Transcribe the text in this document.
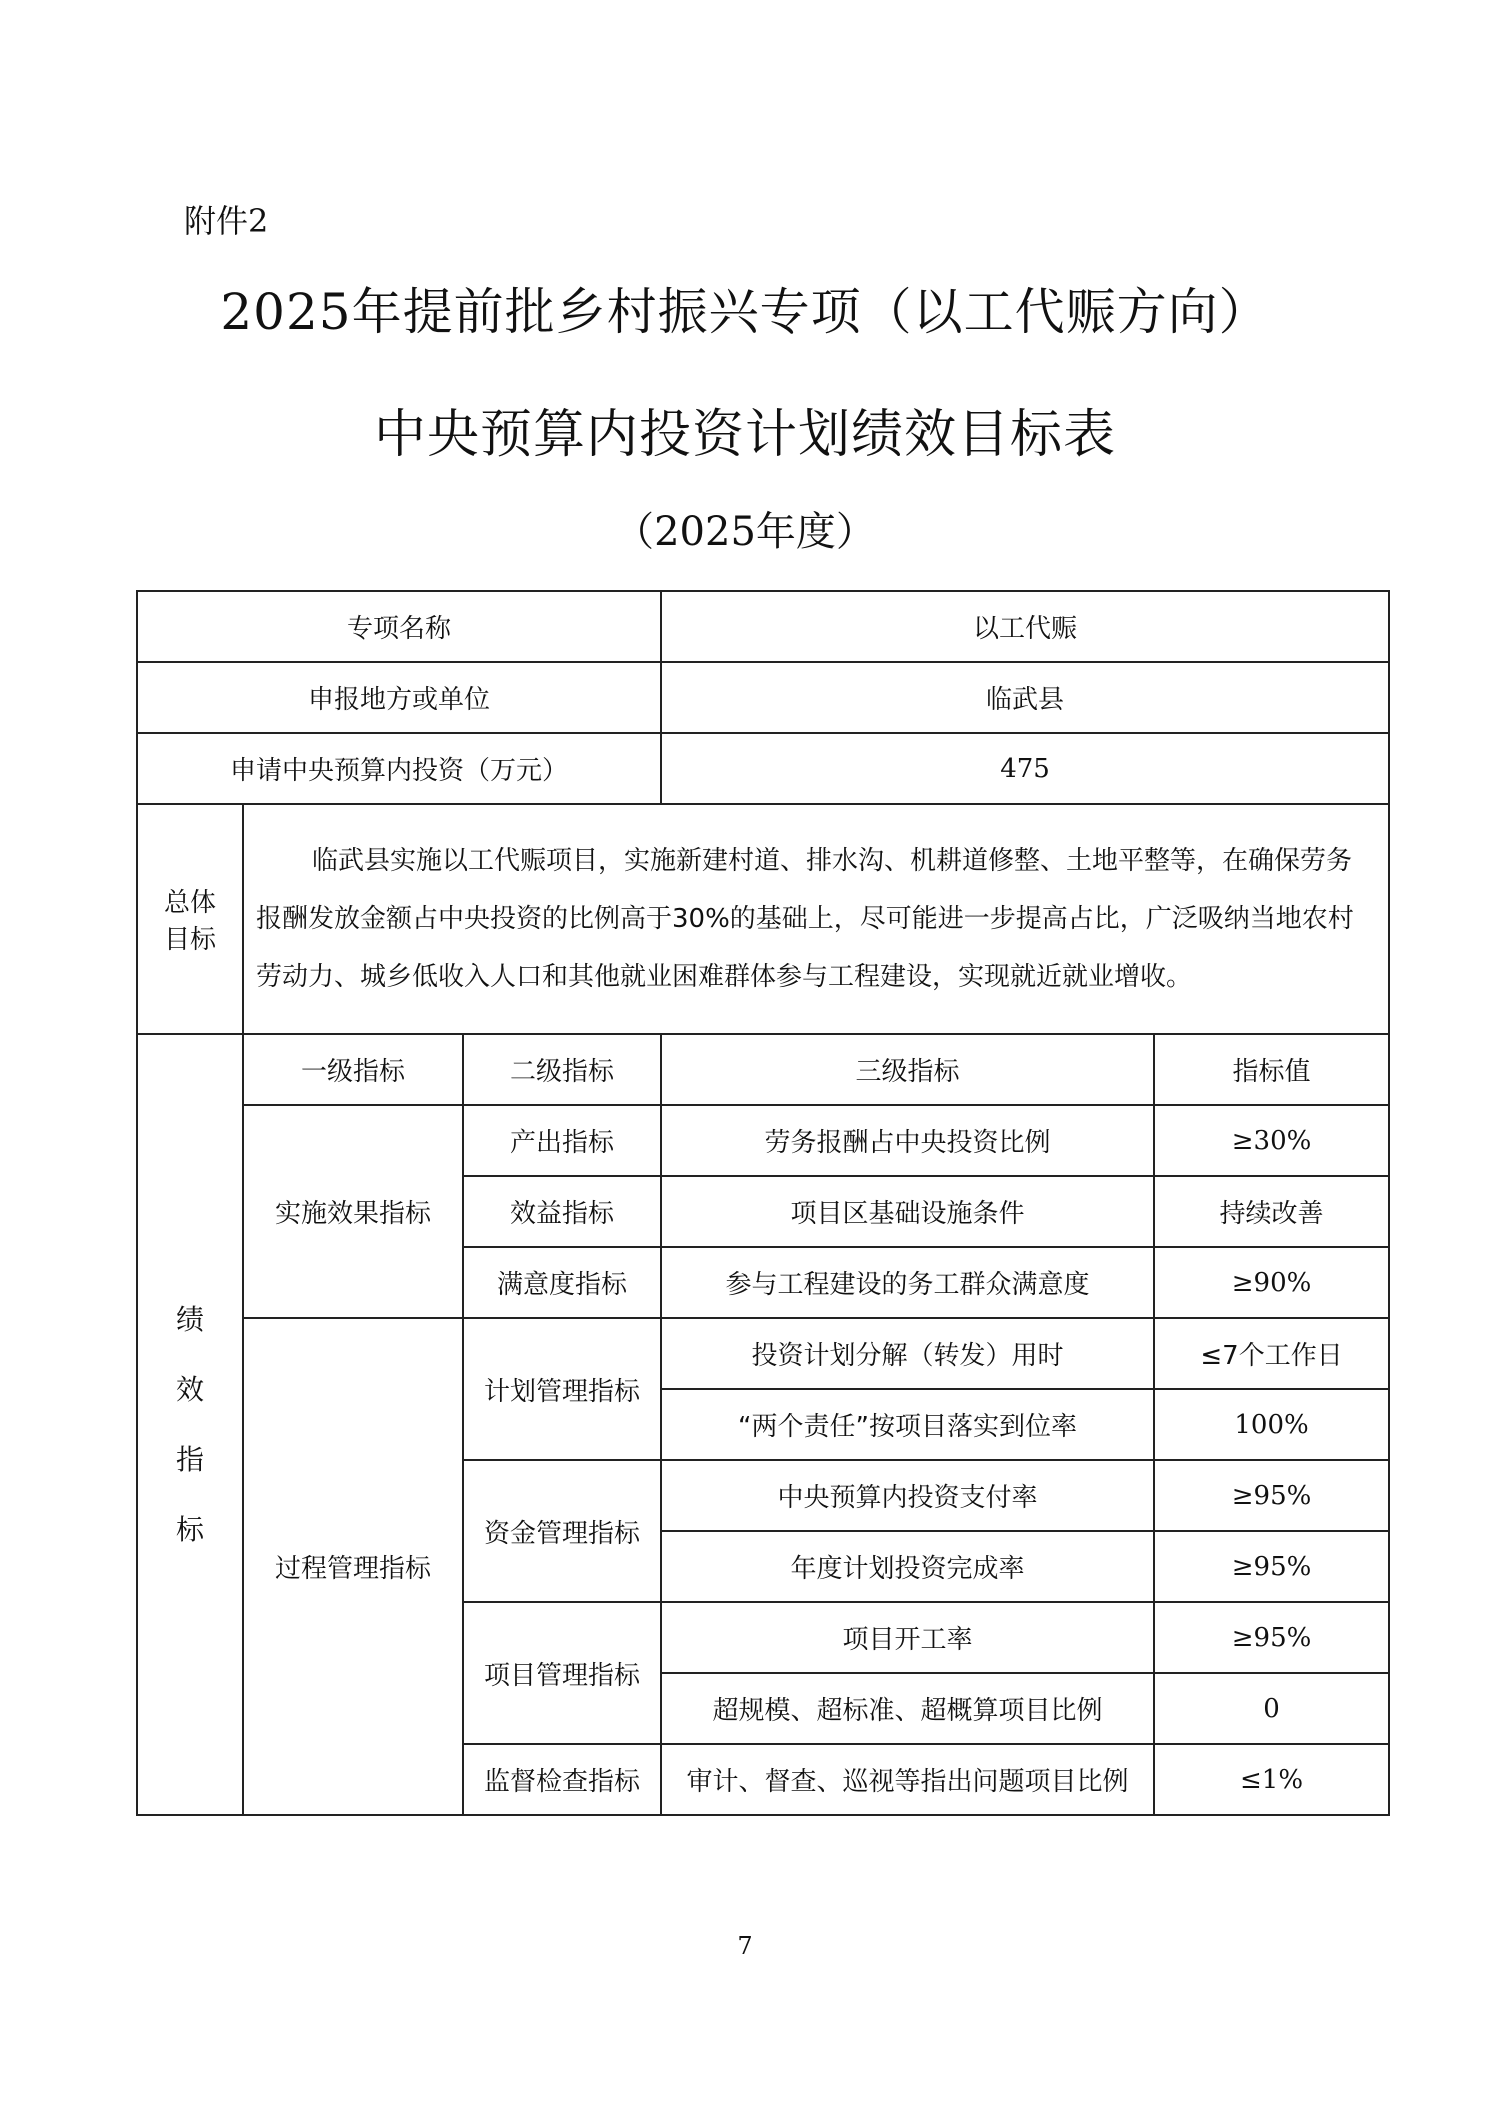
附件2
2025年提前批乡村振兴专项（以工代赈方向）
中央预算内投资计划绩效目标表
（2025年度）
专项名称			以工代赈	
申报地方或单位			临武县	
申请中央预算内投资（万元）			475	
总体目标	临武县实施以工代赈项目，实施新建村道、排水沟、机耕道修整、土地平整等，在确保劳务报酬发放金额占中央投资的比例高于30%的基础上，尽可能进一步提高占比，广泛吸纳当地农村劳动力、城乡低收入人口和其他就业困难群体参与工程建设，实现就近就业增收。			
绩效指标	一级指标	二级指标	三级指标	指标值
	实施效果指标	产出指标	劳务报酬占中央投资比例	≥30%
		效益指标	项目区基础设施条件	持续改善
		满意度指标	参与工程建设的务工群众满意度	≥90%
	过程管理指标	计划管理指标	投资计划分解（转发）用时	≤7个工作日
			“两个责任”按项目落实到位率	100%
		资金管理指标	中央预算内投资支付率	≥95%
			年度计划投资完成率	≥95%
		项目管理指标	项目开工率	≥95%
			超规模、超标准、超概算项目比例	0
		监督检查指标	审计、督查、巡视等指出问题项目比例	≤1%
7
